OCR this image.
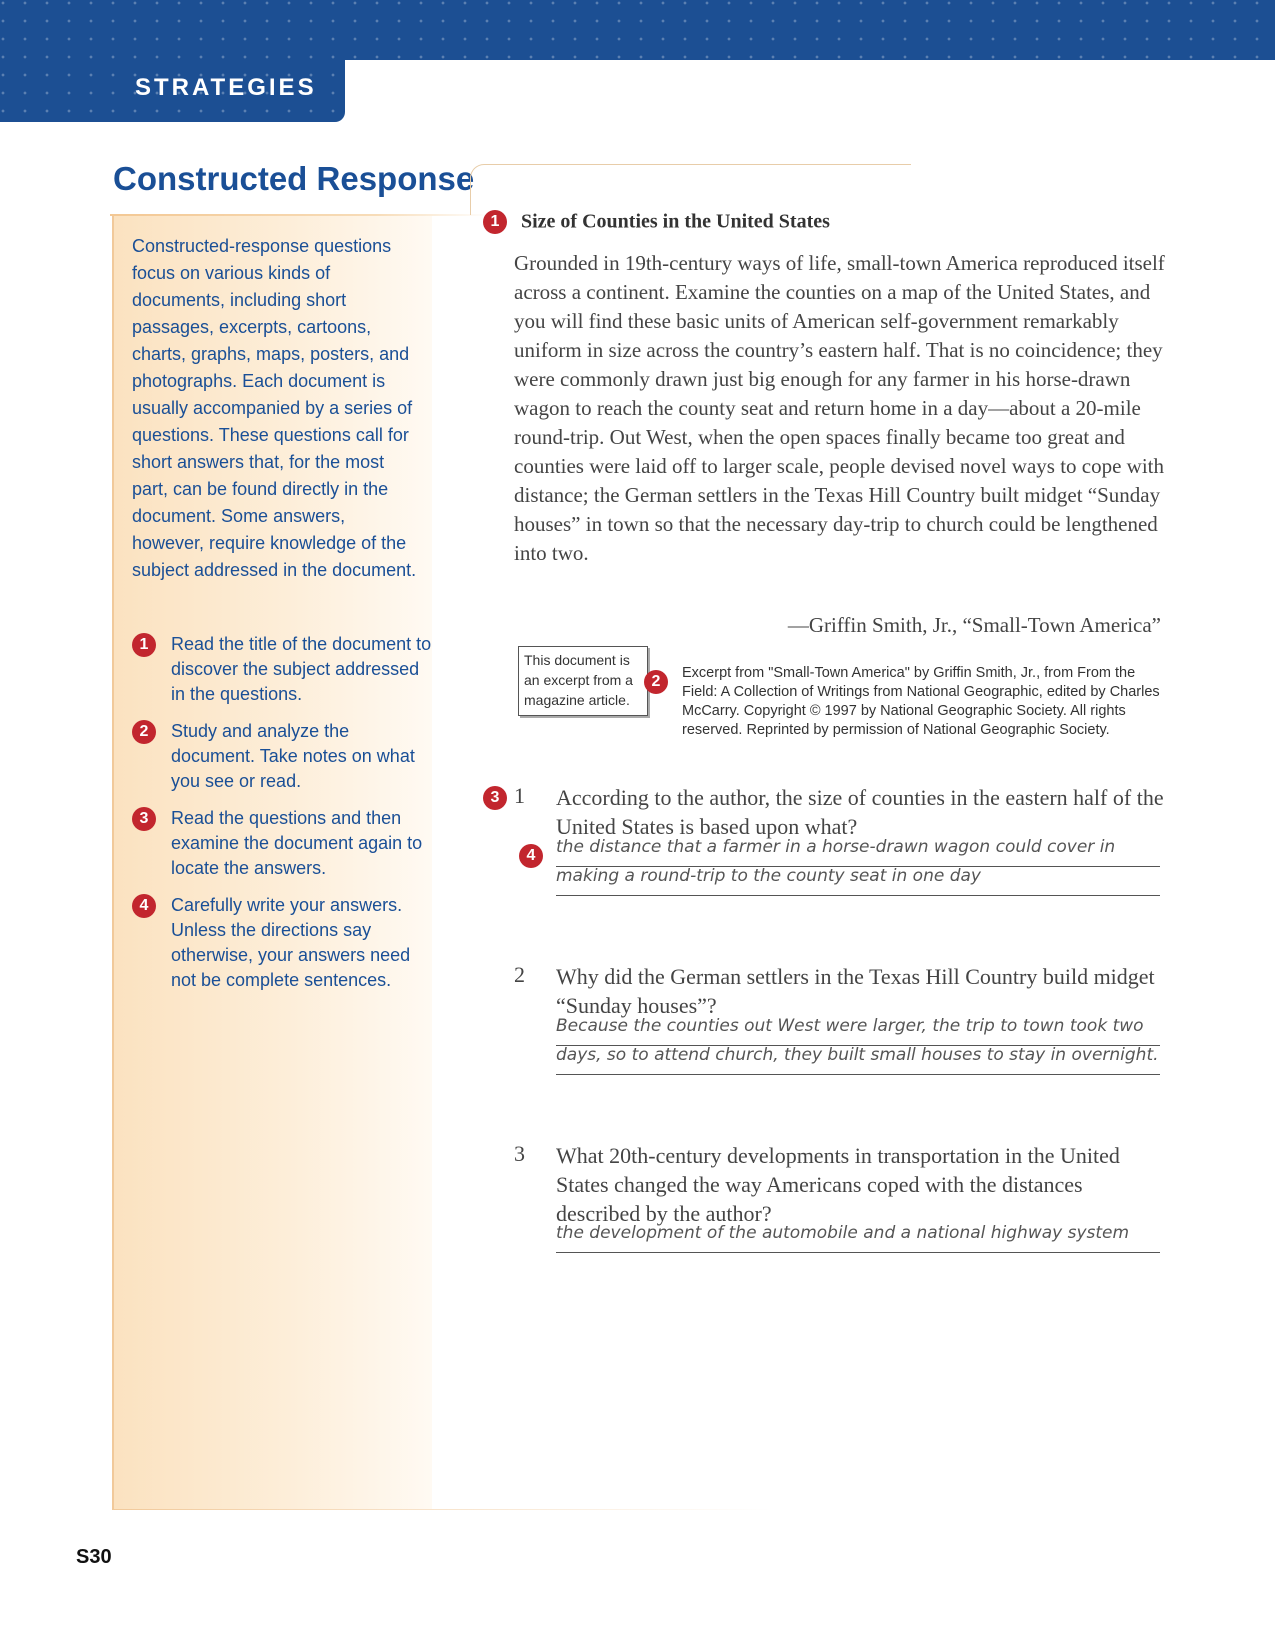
STRATEGIES
Constructed Response

Constructed-response questions focus on various kinds of documents, including short passages, excerpts, cartoons, charts, graphs, maps, posters, and photographs. Each document is usually accompanied by a series of questions. These questions call for short answers that, for the most part, can be found directly in the document. Some answers, however, require knowledge of the subject addressed in the document.

1	Read the title of the document to discover the subject addressed in the questions.
2	Study and analyze the document. Take notes on what you see or read.
3	Read the questions and then examine the document again to locate the answers.
4	Carefully write your answers. Unless the directions say otherwise, your answers need not be complete sentences.
1 Size of Counties in the United States

Grounded in 19th-century ways of life, small-town America reproduced itself across a continent. Examine the counties on a map of the United States, and you will find these basic units of American self-government remarkably uniform in size across the country’s eastern half. That is no coincidence; they were commonly drawn just big enough for any farmer in his horse-drawn wagon to reach the county seat and return home in a day—about a 20-mile round-trip. Out West, when the open spaces finally became too great and counties were laid off to larger scale, people devised novel ways to cope with distance; the German settlers in the Texas Hill Country built midget “Sunday houses” in town so that the necessary day-trip to church could be lengthened into two.

—Griffin Smith, Jr., “Small-Town America”

This document is an excerpt from a magazine article.
2	Excerpt from "Small-Town America" by Griffin Smith, Jr., from From the Field: A Collection of Writings from National Geographic, edited by Charles McCarry. Copyright © 1997 by National Geographic Society. All rights reserved. Reprinted by permission of National Geographic Society.

3 1 According to the author, the size of counties in the eastern half of the United States is based upon what?

4	the distance that a farmer in a horse-drawn wagon could cover in
making a round-trip to the county seat in one day
2 Why did the German settlers in the Texas Hill Country build midget “Sunday houses”?

Because the counties out West were larger, the trip to town took two
days, so to attend church, they built small houses to stay in overnight.
3 What 20th-century developments in transportation in the United States changed the way Americans coped with the distances described by the author?

the development of the automobile and a national highway system
S30
